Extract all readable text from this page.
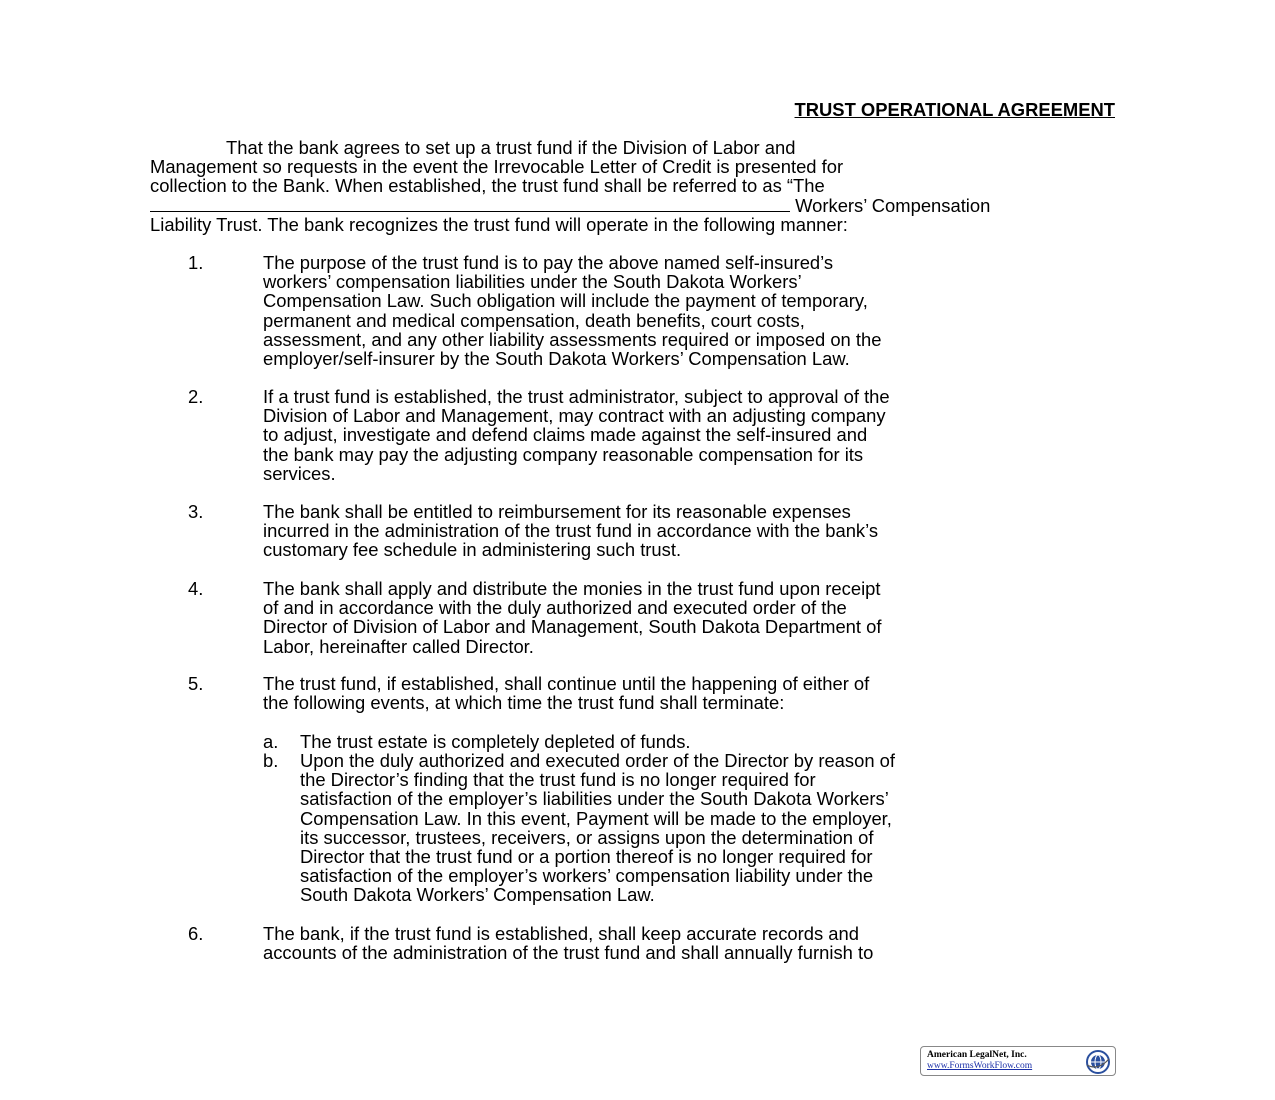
TRUST OPERATIONAL AGREEMENT
That the bank agrees to set up a trust fund if the Division of Labor and
Management so requests in the event the Irrevocable Letter of Credit is presented for
collection to the Bank. When established, the trust fund shall be referred to as “The
Workers’ Compensation
Liability Trust. The bank recognizes the trust fund will operate in the following manner:
1.	The purpose of the trust fund is to pay the above named self-insured’s
workers’ compensation liabilities under the South Dakota Workers’
Compensation Law. Such obligation will include the payment of temporary,
permanent and medical compensation, death benefits, court costs,
assessment, and any other liability assessments required or imposed on the
employer/self-insurer by the South Dakota Workers’ Compensation Law.
2.	If a trust fund is established, the trust administrator, subject to approval of the
Division of Labor and Management, may contract with an adjusting company
to adjust, investigate and defend claims made against the self-insured and
the bank may pay the adjusting company reasonable compensation for its
services.
3.	The bank shall be entitled to reimbursement for its reasonable expenses
incurred in the administration of the trust fund in accordance with the bank’s
customary fee schedule in administering such trust.
4.	The bank shall apply and distribute the monies in the trust fund upon receipt
of and in accordance with the duly authorized and executed order of the
Director of Division of Labor and Management, South Dakota Department of
Labor, hereinafter called Director.
5.	The trust fund, if established, shall continue until the happening of either of
the following events, at which time the trust fund shall terminate:
a. The trust estate is completely depleted of funds.
b. Upon the duly authorized and executed order of the Director by reason of
the Director’s finding that the trust fund is no longer required for
satisfaction of the employer’s liabilities under the South Dakota Workers’
Compensation Law. In this event, Payment will be made to the employer,
its successor, trustees, receivers, or assigns upon the determination of
Director that the trust fund or a portion thereof is no longer required for
satisfaction of the employer’s workers’ compensation liability under the
South Dakota Workers’ Compensation Law.
6.	The bank, if the trust fund is established, shall keep accurate records and
accounts of the administration of the trust fund and shall annually furnish to
American LegalNet, Inc.
www.FormsWorkFlow.com
